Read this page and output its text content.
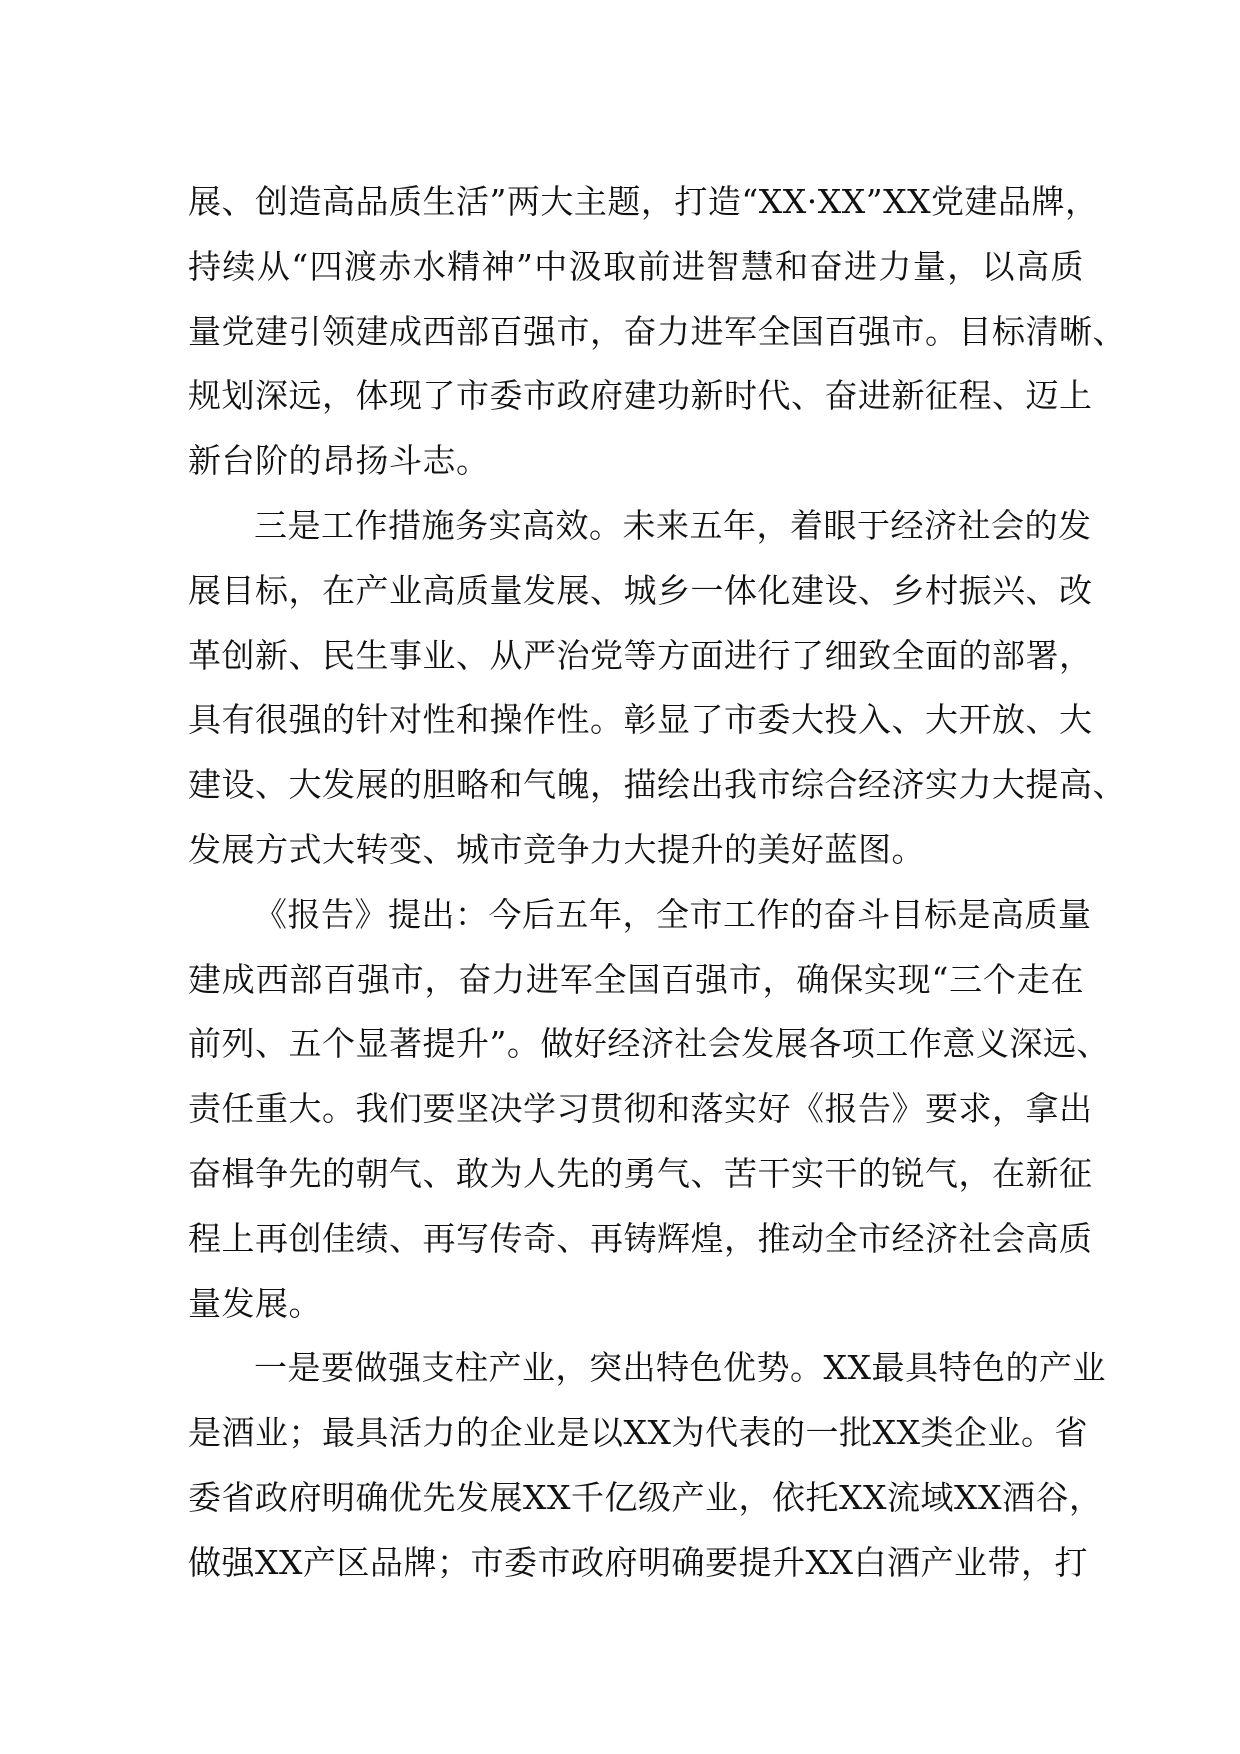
展、创造高品质生活”两大主题，打造“XX·XX”XX党建品牌，
持续从“四渡赤水精神”中汲取前进智慧和奋进力量，以高质
量党建引领建成西部百强市，奋力进军全国百强市。目标清晰、
规划深远，体现了市委市政府建功新时代、奋进新征程、迈上
新台阶的昂扬斗志。
三是工作措施务实高效。未来五年，着眼于经济社会的发
展目标，在产业高质量发展、城乡一体化建设、乡村振兴、改
革创新、民生事业、从严治党等方面进行了细致全面的部署，
具有很强的针对性和操作性。彰显了市委大投入、大开放、大
建设、大发展的胆略和气魄，描绘出我市综合经济实力大提高、
发展方式大转变、城市竞争力大提升的美好蓝图。
《报告》提出：今后五年，全市工作的奋斗目标是高质量
建成西部百强市，奋力进军全国百强市，确保实现“三个走在
前列、五个显著提升”。做好经济社会发展各项工作意义深远、
责任重大。我们要坚决学习贯彻和落实好《报告》要求，拿出
奋楫争先的朝气、敢为人先的勇气、苦干实干的锐气，在新征
程上再创佳绩、再写传奇、再铸辉煌，推动全市经济社会高质
量发展。
一是要做强支柱产业，突出特色优势。XX最具特色的产业
是酒业；最具活力的企业是以XX为代表的一批XX类企业。省
委省政府明确优先发展XX千亿级产业，依托XX流域XX酒谷，
做强XX产区品牌；市委市政府明确要提升XX白酒产业带，打
